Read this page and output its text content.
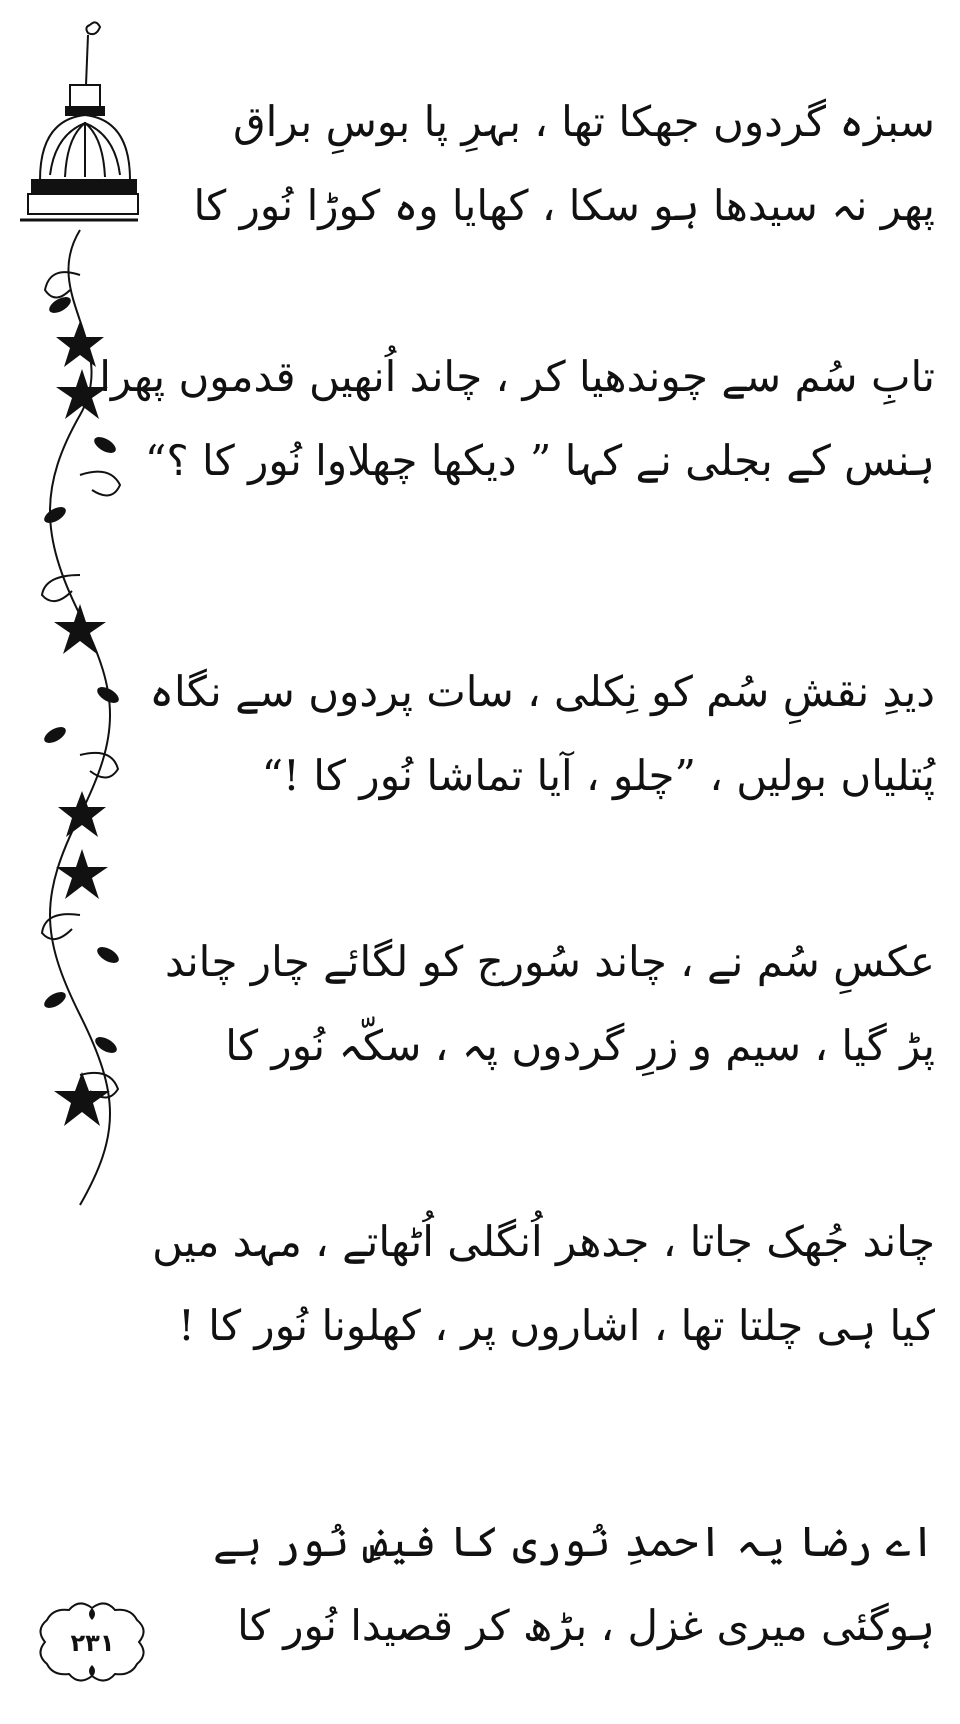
سبزہ گردوں جھکا تھا ، بہرِ پا بوسِ براق
پھر نہ سیدھا ہو سکا ، کھایا وہ کوڑا نُور کا
تابِ سُم سے چوندھیا کر ، چاند اُنھیں قدموں پھرا
ہنس کے بجلی نے کہا ” دیکھا چھلاوا نُور کا ؟“
دیدِ نقشِ سُم کو نِکلی ، سات پردوں سے نگاہ
پُتلیاں بولیں ، ”چلو ، آیا تماشا نُور کا !“
عکسِ سُم نے ، چاند سُورج کو لگائے چار چاند
پڑ گیا ، سیم و زرِ گردوں پہ ، سکّہ نُور کا
چاند جُھک جاتا ، جدھر اُنگلی اُٹھاتے ، مہد میں
کیا ہی چلتا تھا ، اشاروں پر ، کھلونا نُور کا !
اے رضا یہ احمدِ نُوری کا فیضِ نُور ہے
ہوگئی میری غزل ، بڑھ کر قصیدا نُور کا
۲۳۱
